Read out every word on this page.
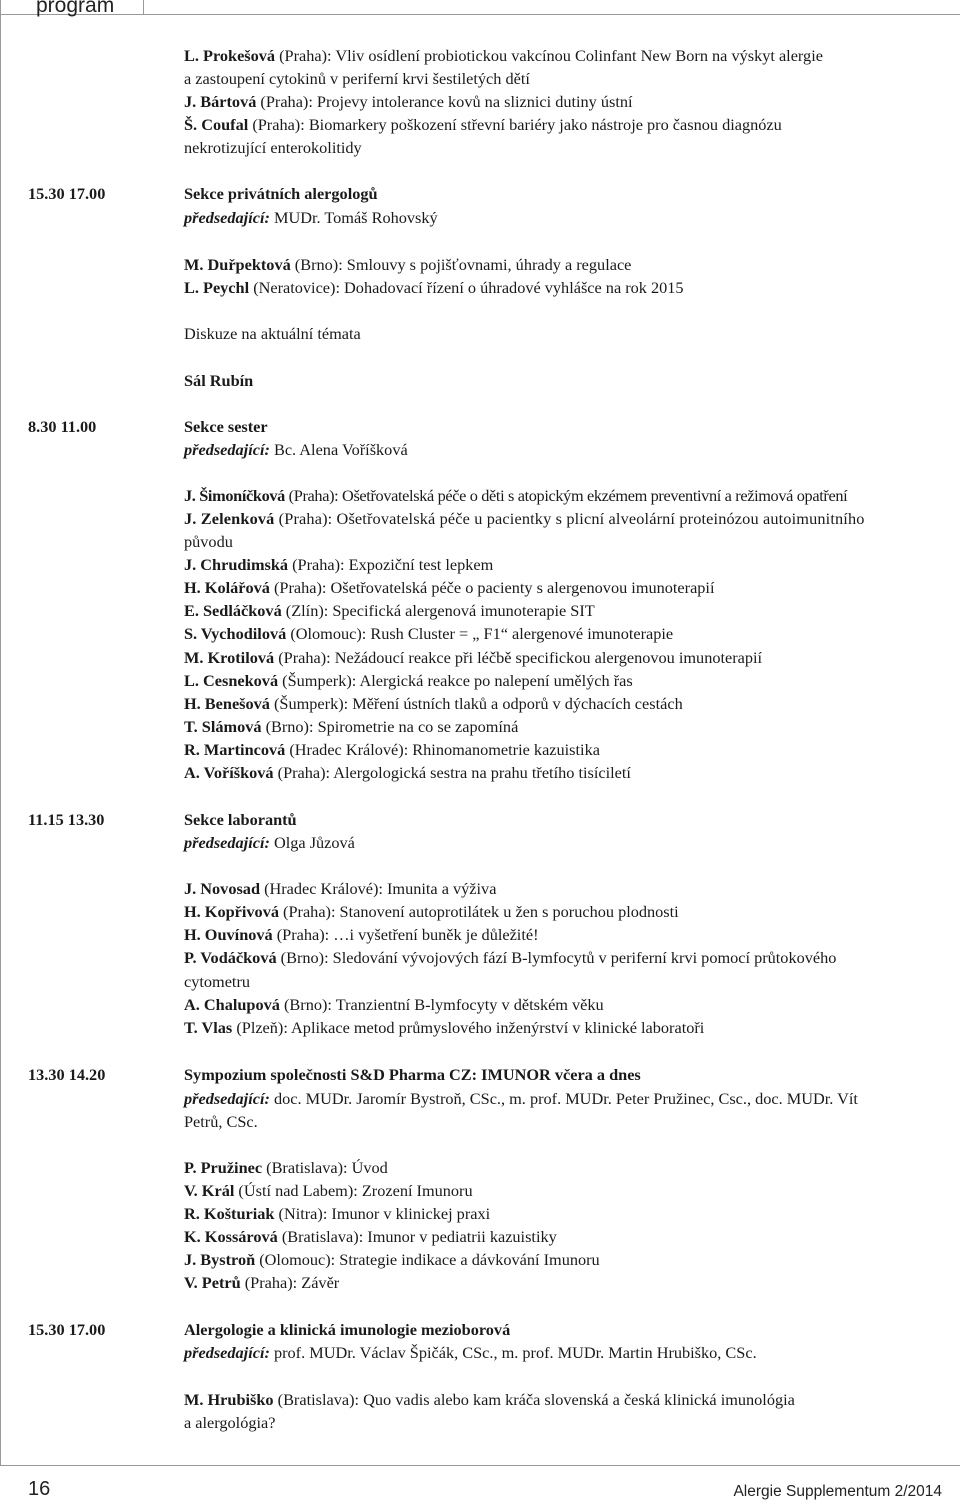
program
L. Prokešová (Praha): Vliv osídlení probiotickou vakcínou Colinfant New Born na výskyt alergie
a zastoupení cytokinů v periferní krvi šestiletých dětí
J. Bártová (Praha): Projevy intolerance kovů na sliznici dutiny ústní
Š. Coufal (Praha): Biomarkery poškození střevní bariéry jako nástroje pro časnou diagnózu
nekrotizující enterokolitidy
15.30 17.00	Sekce privátních alergologů
předsedající: MUDr. Tomáš Rohovský
M. Duřpektová (Brno): Smlouvy s pojišťovnami, úhrady a regulace
L. Peychl (Neratovice): Dohadovací řízení o úhradové vyhlášce na rok 2015
Diskuze na aktuální témata
Sál Rubín
8.30 11.00	Sekce sester
předsedající: Bc. Alena Voříšková
J. Šimoníčková (Praha): Ošetřovatelská péče o děti s atopickým ekzémem preventivní a režimová opatření
J. Zelenková (Praha): Ošetřovatelská péče u pacientky s plicní alveolární proteinózou autoimunitního
původu
J. Chrudimská (Praha): Expoziční test lepkem
H. Kolářová (Praha): Ošetřovatelská péče o pacienty s alergenovou imunoterapií
E. Sedláčková (Zlín): Specifická alergenová imunoterapie SIT
S. Vychodilová (Olomouc): Rush Cluster = „ F1“ alergenové imunoterapie
M. Krotilová (Praha): Nežádoucí reakce při léčbě specifickou alergenovou imunoterapií
L. Cesneková (Šumperk): Alergická reakce po nalepení umělých řas
H. Benešová (Šumperk): Měření ústních tlaků a odporů v dýchacích cestách
T. Slámová (Brno): Spirometrie na co se zapomíná
R. Martincová (Hradec Králové): Rhinomanometrie kazuistika
A. Voříšková (Praha): Alergologická sestra na prahu třetího tisíciletí
11.15 13.30	Sekce laborantů
předsedající: Olga Jůzová
J. Novosad (Hradec Králové): Imunita a výživa
H. Kopřivová (Praha): Stanovení autoprotilátek u žen s poruchou plodnosti
H. Ouvínová (Praha): …i vyšetření buněk je důležité!
P. Vodáčková (Brno): Sledování vývojových fází B-lymfocytů v periferní krvi pomocí průtokového
cytometru
A. Chalupová (Brno): Tranzientní B-lymfocyty v dětském věku
T. Vlas (Plzeň): Aplikace metod průmyslového inženýrství v klinické laboratoři
13.30 14.20	Sympozium společnosti S&D Pharma CZ: IMUNOR včera a dnes
předsedající: doc. MUDr. Jaromír Bystroň, CSc., m. prof. MUDr. Peter Pružinec, Csc., doc. MUDr. Vít
Petrů, CSc.
P. Pružinec (Bratislava): Úvod
V. Král (Ústí nad Labem): Zrození Imunoru
R. Košturiak (Nitra): Imunor v klinickej praxi
K. Kossárová (Bratislava): Imunor v pediatrii kazuistiky
J. Bystroň (Olomouc): Strategie indikace a dávkování Imunoru
V. Petrů (Praha): Závěr
15.30 17.00	Alergologie a klinická imunologie mezioborová
předsedající: prof. MUDr. Václav Špičák, CSc., m. prof. MUDr. Martin Hrubiško, CSc.
M. Hrubiško (Bratislava): Quo vadis alebo kam kráča slovenská a česká klinická imunológia
a alergológia?
16	Alergie Supplementum 2/2014
